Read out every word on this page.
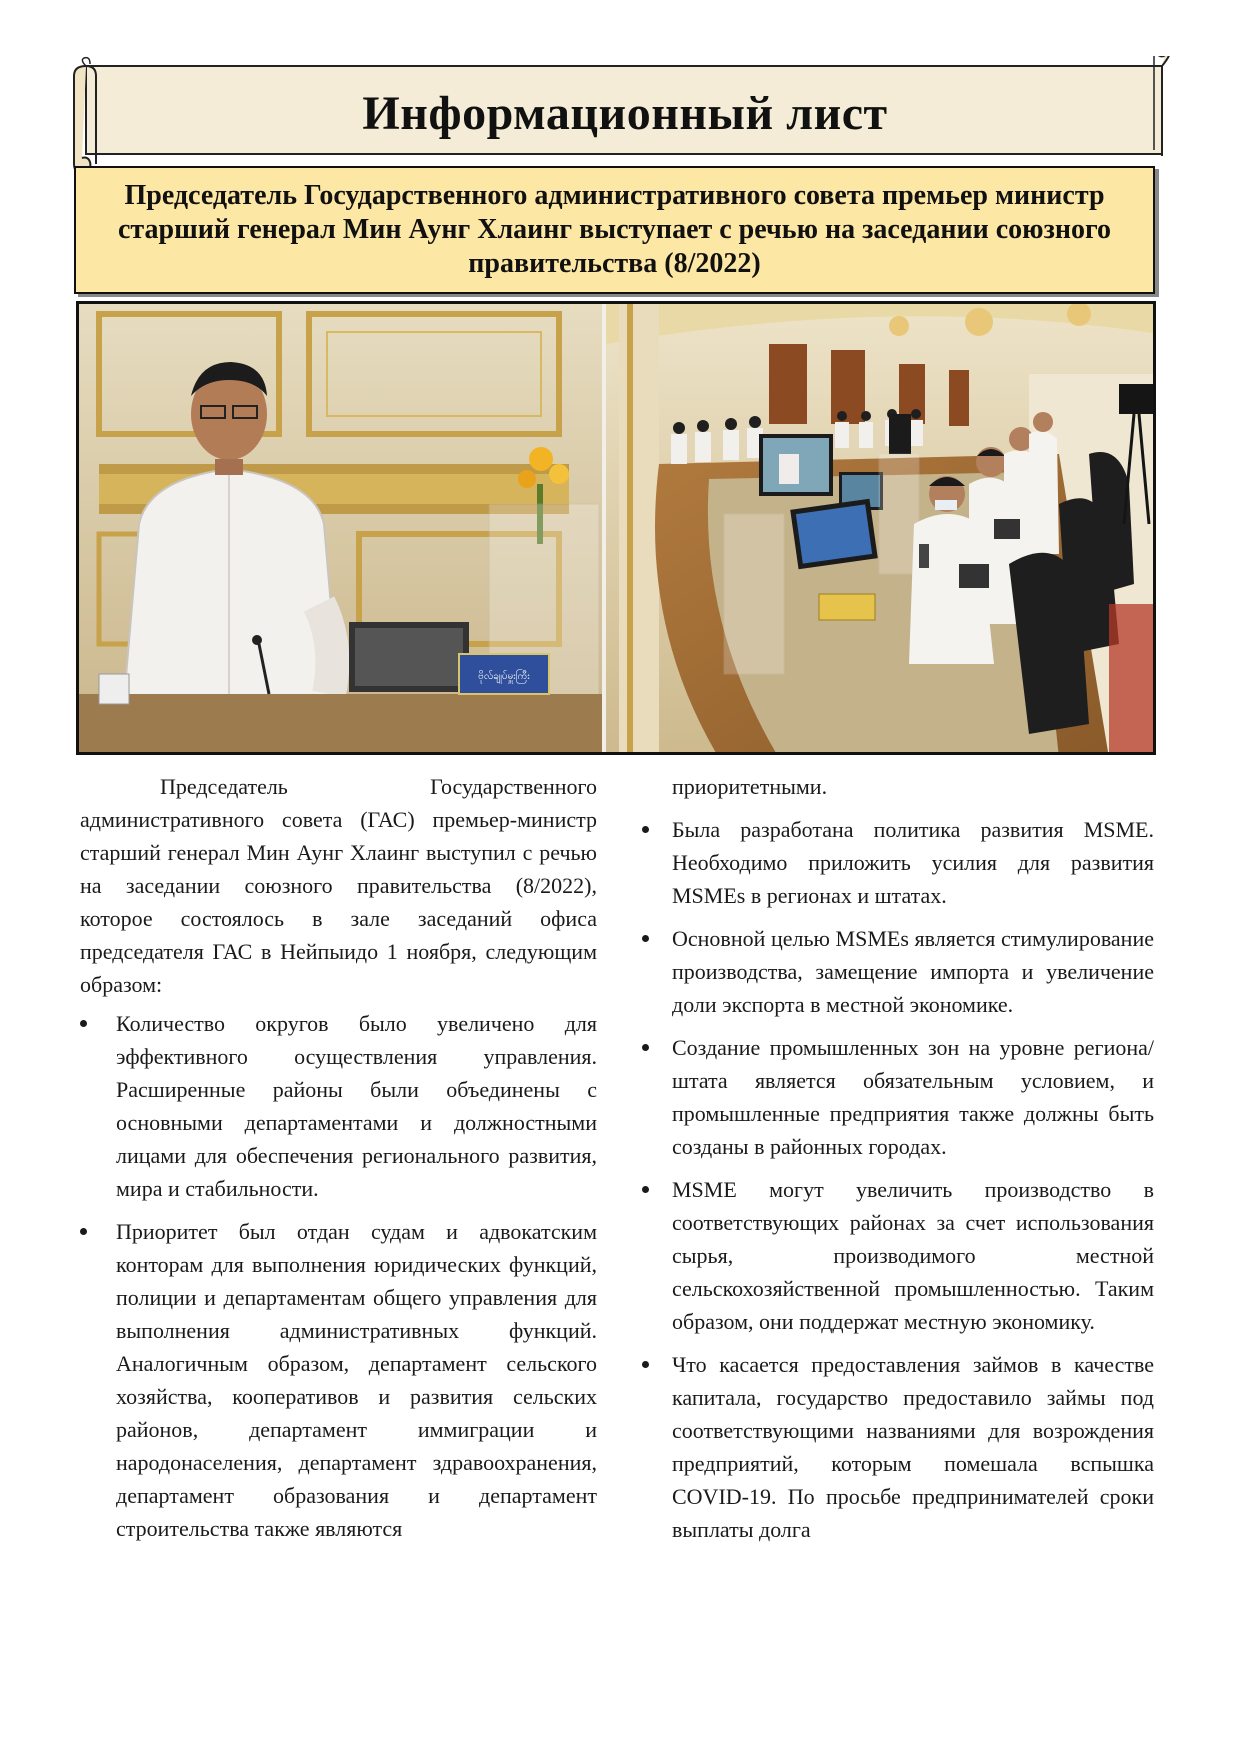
Информационный лист
Председатель Государственного административного совета премьер министр старший генерал Мин Аунг Хлаинг выступает с речью на заседании союзного правительства (8/2022)
ဗိုလ်ချုပ်မှူးကြီး

Председатель Государственного административного совета (ГАС) премьер-министр старший генерал Мин Аунг Хлаинг выступил с речью на заседании союзного правительства (8/2022), которое состоялось в зале заседаний офиса председателя ГАС в Нейпыидо 1 ноября, следующим образом:

Количество округов было увеличено для эффективного осуществления управления. Расширенные районы были объединены с основными департаментами и должностными лицами для обеспечения регионального развития, мира и стабильности.
Приоритет был отдан судам и адвокатским конторам для выполнения юридических функций, полиции и департаментам общего управления для выполнения административных функций. Аналогичным образом, департамент сельского хозяйства, кооперативов и развития сельских районов, департамент иммиграции и народонаселения, департамент здравоохранения, департамент образования и департамент строительства также являются

приоритетными.

Была разработана политика развития MSME. Необходимо приложить усилия для развития MSMEs в регионах и штатах.
Основной целью MSMEs является стимулирование производства, замещение импорта и увеличение доли экспорта в местной экономике.
Создание промышленных зон на уровне региона/штата является обязательным условием, и промышленные предприятия также должны быть созданы в районных городах.
MSME могут увеличить производство в соответствующих районах за счет использования сырья, производимого местной сельскохозяйственной промышленностью. Таким образом, они поддержат местную экономику.
Что касается предоставления займов в качестве капитала, государство предоставило займы под соответствующими названиями для возрождения предприятий, которым помешала вспышка COVID-19. По просьбе предпринимателей сроки выплаты долга
